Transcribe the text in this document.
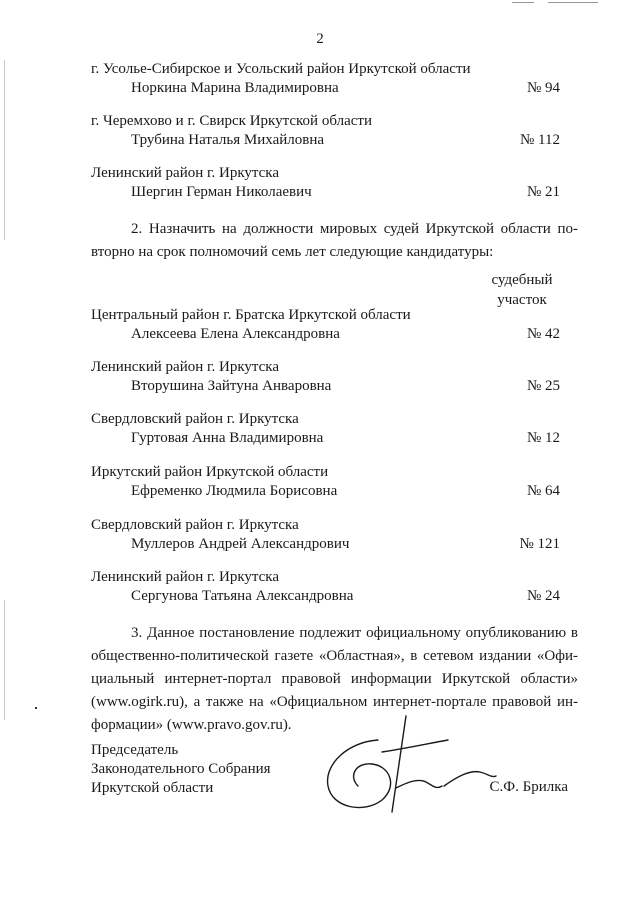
2
г. Усолье-Сибирское и Усольский район Иркутской области
Норкина Марина Владимировна	№ 94
г. Черемхово и г. Свирск Иркутской области
Трубина Наталья Михайловна	№ 112
Ленинский район г. Иркутска
Шергин Герман Николаевич	№ 21
2. Назначить на должности мировых судей Иркутской области по-
вторно на срок полномочий семь лет следующие кандидатуры:
судебный
участок
Центральный район г. Братска Иркутской области
Алексеева Елена Александровна	№ 42
Ленинский район г. Иркутска
Вторушина Зайтуна Анваровна	№ 25
Свердловский район г. Иркутска
Гуртовая Анна Владимировна	№ 12
Иркутский район Иркутской области
Ефременко Людмила Борисовна	№ 64
Свердловский район г. Иркутска
Муллеров Андрей Александрович	№ 121
Ленинский район г. Иркутска
Сергунова Татьяна Александровна	№ 24
3. Данное постановление подлежит официальному опубликованию в
общественно-политической газете «Областная», в сетевом издании «Офи-
циальный интернет-портал правовой информации Иркутской области»
(www.ogirk.ru), а также на «Официальном интернет-портале правовой ин-
формации» (www.pravo.gov.ru).
Председатель
Законодательного Собрания
Иркутской области	С.Ф. Брилка
